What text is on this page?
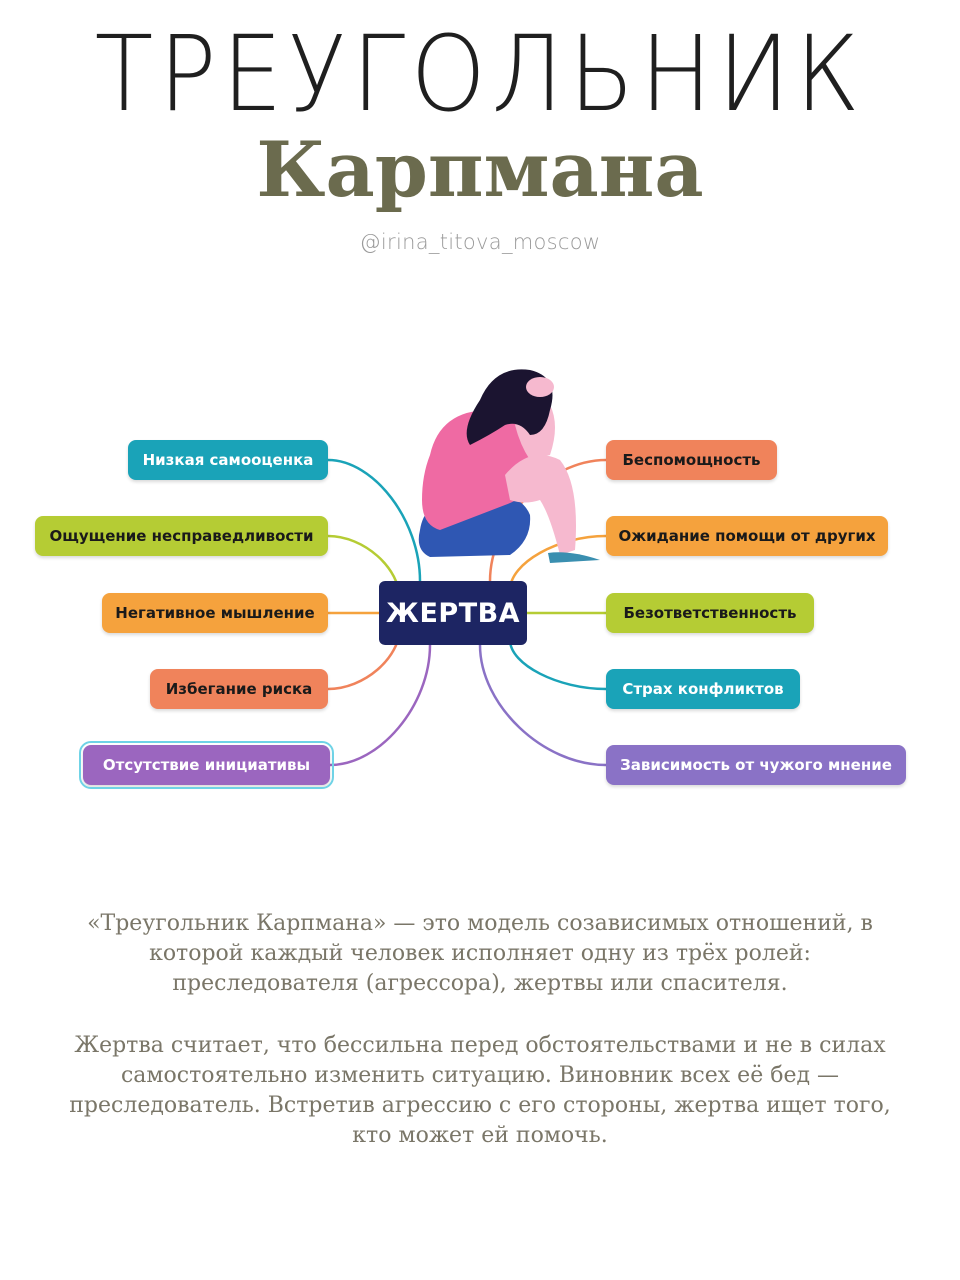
ТРЕУГОЛЬНИК
Карпмана
@irina_titova_moscow
ЖЕРТВА
Низкая самооценка
Ощущение несправедливости
Негативное мышление
Избегание риска
Отсутствие инициативы
Беспомощность
Ожидание помощи от других
Безответственность
Страх конфликтов
Зависимость от чужого мнение
«Треугольник Карпмана» — это модель созависимых отношений, в которой каждый человек исполняет одну из трёх ролей: преследователя (агрессора), жертвы или спасителя.
Жертва считает, что бессильна перед обстоятельствами и не в силах самостоятельно изменить ситуацию. Виновник всех её бед — преследователь. Встретив агрессию с его стороны, жертва ищет того, кто может ей помочь.
